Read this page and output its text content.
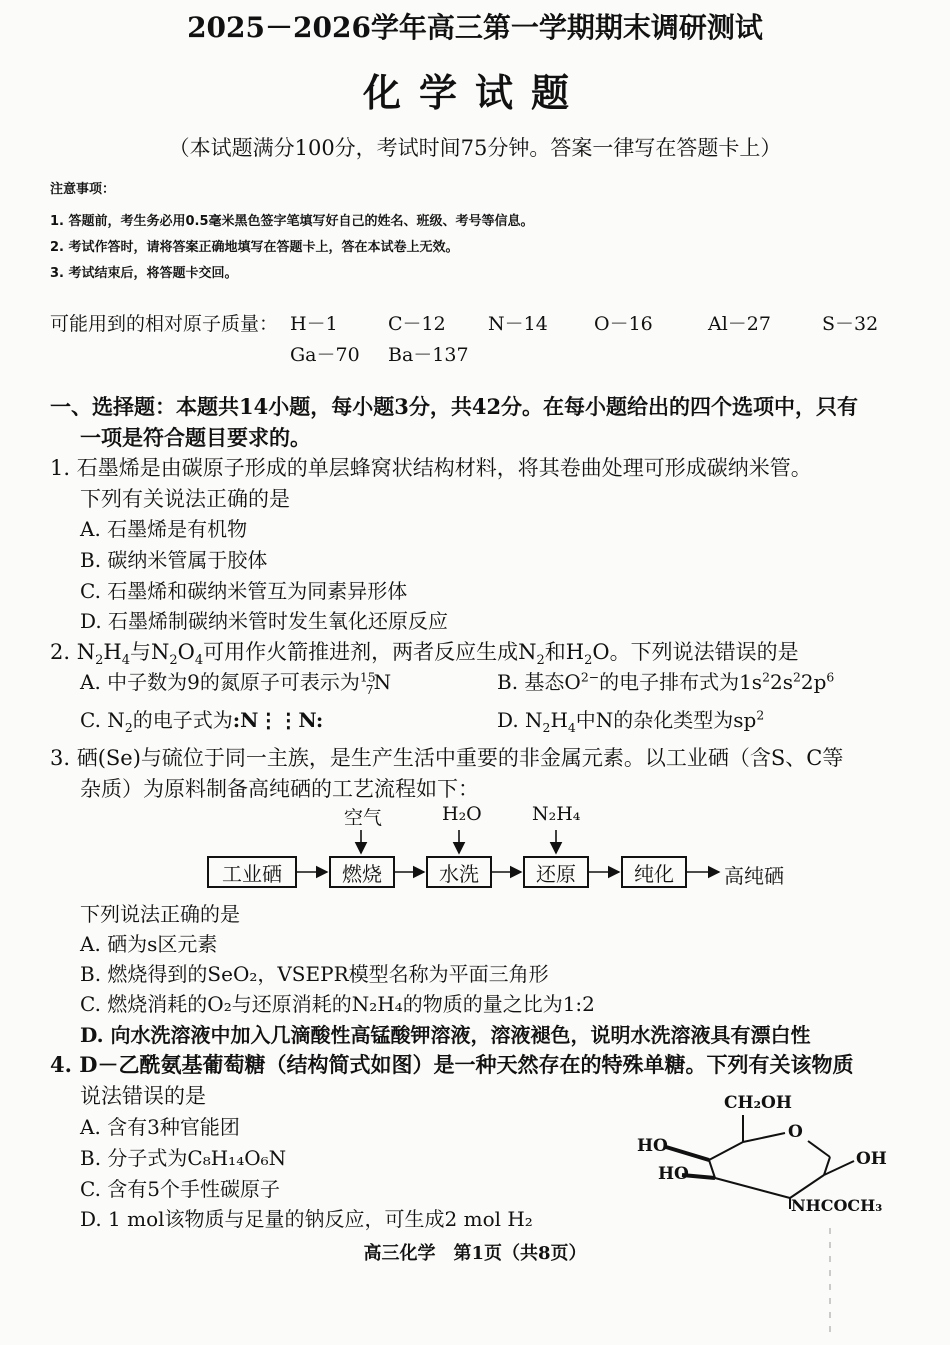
2025－2026学年高三第一学期期末调研测试
化学试题
（本试题满分100分，考试时间75分钟。答案一律写在答题卡上）
注意事项：
1. 答题前，考生务必用0.5毫米黑色签字笔填写好自己的姓名、班级、考号等信息。
2. 考试作答时，请将答案正确地填写在答题卡上，答在本试卷上无效。
3. 考试结束后，将答题卡交回。
可能用到的相对原子质量： H－1	C－12 N－14 O－16	Al－27	S－32
Ga－70 Ba－137
一、选择题：本题共14小题，每小题3分，共42分。在每小题给出的四个选项中，只有
一项是符合题目要求的。
1. 石墨烯是由碳原子形成的单层蜂窝状结构材料，将其卷曲处理可形成碳纳米管。
下列有关说法正确的是
A. 石墨烯是有机物
B. 碳纳米管属于胶体
C. 石墨烯和碳纳米管互为同素异形体
D. 石墨烯制碳纳米管时发生氧化还原反应
2. $N_2H_4$与$N_2O_4$可用作火箭推进剂，两者反应生成$N_2$和$H_2O$。下列说法错误的是
A. 中子数为9的氮原子可表示为$^{15}_7$N	B. 基态$O^{2-}$的电子排布式为$1s^22s^22p^6$
C. $N_2$的电子式为:N⋮⋮N:	D. $N_2H_4$中N的杂化类型为$sp^2$
3. 硒(Se)与硫位于同一主族，是生产生活中重要的非金属元素。以工业硒（含S、C等
杂质）为原料制备高纯硒的工艺流程如下：
空气	H₂O	N₂H₄
工业硒	燃烧	水洗	还原	纯化	高纯硒
下列说法正确的是
A. 硒为s区元素
B. 燃烧得到的SeO₂，VSEPR模型名称为平面三角形
C. 燃烧消耗的O₂与还原消耗的N₂H₄的物质的量之比为1:2
D. 向水洗溶液中加入几滴酸性高锰酸钾溶液，溶液褪色，说明水洗溶液具有漂白性
4. D－乙酰氨基葡萄糖（结构简式如图）是一种天然存在的特殊单糖。下列有关该物质
说法错误的是
A. 含有3种官能团
B. 分子式为C₈H₁₄O₆N
C. 含有5个手性碳原子
D. 1 mol该物质与足量的钠反应，可生成2 mol H₂
CH₂OH
O
HO
HO
OH
NHCOCH₃
高三化学　第1页（共8页）
